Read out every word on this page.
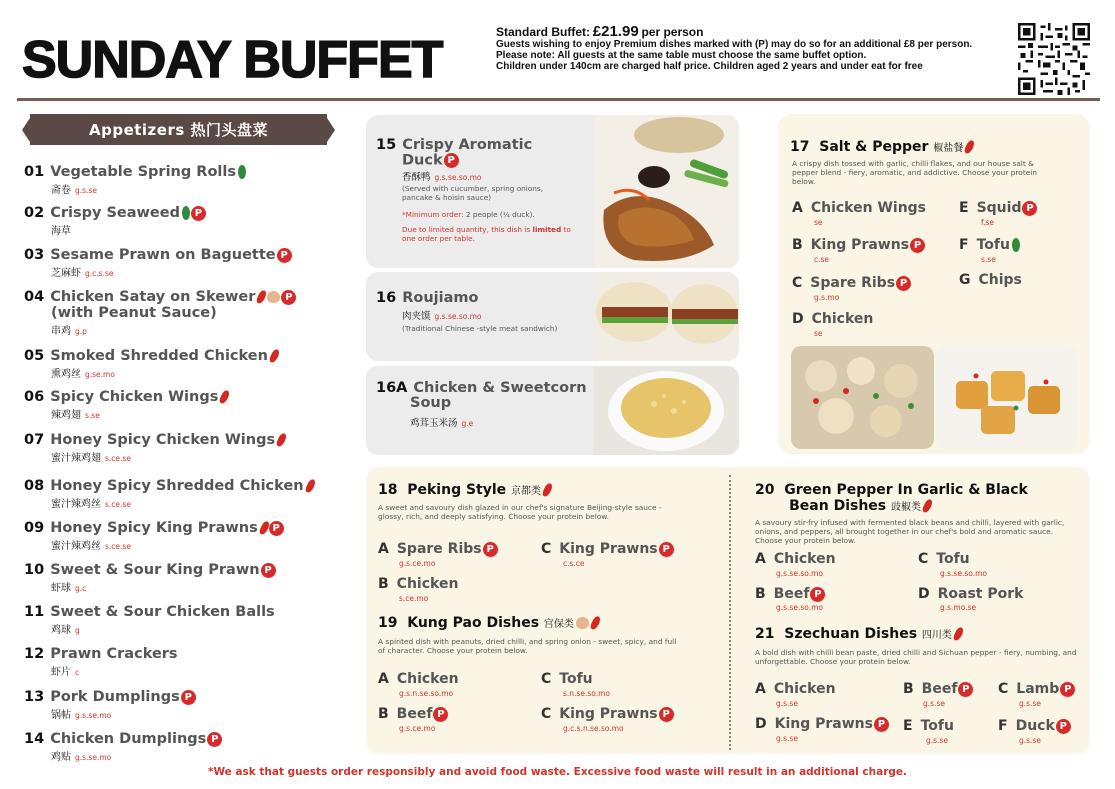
SUNDAY BUFFET	Standard Buffet: £21.99 per person
Guests wishing to enjoy Premium dishes marked with (P) may do so for an additional £8 per person.
Please note: All guests at the same table must choose the same buffet option.
Children under 140cm are charged half price. Children aged 2 years and under eat for free
Appetizers 热门头盘菜
01 Vegetable Spring Rolls
斋卷 g.s.se
02 Crispy Seaweed P
海草
03 Sesame Prawn on Baguette P
芝麻虾 g.c.s.se
04 Chicken Satay on Skewer	P
(with Peanut Sauce)
串鸡 g.p
05 Smoked Shredded Chicken
熏鸡丝 g.se.mo
06 Spicy Chicken Wings
辣鸡翅 s.se
07 Honey Spicy Chicken Wings
蜜汁辣鸡翅 s.ce.se
08 Honey Spicy Shredded Chicken
蜜汁辣鸡丝 s.ce.se
09 Honey Spicy King Prawns P
蜜汁辣鸡丝 s.ce.se
10 Sweet & Sour King Prawn P
虾球 g.c
11 Sweet & Sour Chicken Balls
鸡球 g
12 Prawn Crackers
虾片 c
13 Pork Dumplings P
锅帖 g.s.se.mo
14 Chicken Dumplings P
鸡贴 g.s.se.mo
15 Crispy Aromatic
Duck P
香酥鸭 g.s.se.so.mo
(Served with cucumber, spring onions, pancake & hoisin sauce)
*Minimum order: 2 people (¼ duck).
Due to limited quantity, this dish is limited to one order per table.
16 Roujiamo
肉夹馍 g.s.se.so.mo
(Traditional Chinese -style meat sandwich)
16A Chicken & Sweetcorn
Soup
鸡茸玉米汤 g.e
17 Salt & Pepper 椒盐餐
A crispy dish tossed with garlic, chilli flakes, and our house salt & pepper blend - fiery, aromatic, and addictive. Choose your protein below.
A Chicken Wings
se
B King Prawns P
c.se
C Spare Ribs P
g.s.mo
D Chicken
se
E Squid P
f.se
F Tofu
s.se
G Chips
18 Peking Style 京都类
A sweet and savoury dish glazed in our chef's signature Beijing-style sauce - glossy, rich, and deeply satisfying. Choose your protein below.
A Spare Ribs P
g.s.ce.mo
C King Prawns P
c.s.ce
B Chicken
s.ce.mo
19 Kung Pao Dishes 宫保类
A spirited dish with peanuts, dried chilli, and spring onion - sweet, spicy, and full of character. Choose your protein below.
A Chicken
g.s.n.se.so.mo
C Tofu
s.n.se.so.mo
B Beef P
g.s.ce.mo
C King Prawns P
g.c.s.n.se.so.mo
20 Green Pepper In Garlic & Black
Bean Dishes 豉椒类
A savoury stir-fry infused with fermented black beans and chilli, layered with garlic, onions, and peppers, all brought together in our chef's bold and aromatic sauce. Choose your protein below.
A Chicken
g.s.se.so.mo
C Tofu
g.s.se.so.mo
B Beef P
g.s.se.so.mo
D Roast Pork
g.s.mo.se
21 Szechuan Dishes 四川类
A bold dish with chilli bean paste, dried chilli and Sichuan pepper - fiery, numbing, and unforgettable. Choose your protein below.
A Chicken
g.s.se
B Beef P
g.s.se
C Lamb P
g.s.se
D King Prawns P
g.s.se
E Tofu
g.s.se
F Duck P
g.s.se
*We ask that guests order responsibly and avoid food waste. Excessive food waste will result in an additional charge.
